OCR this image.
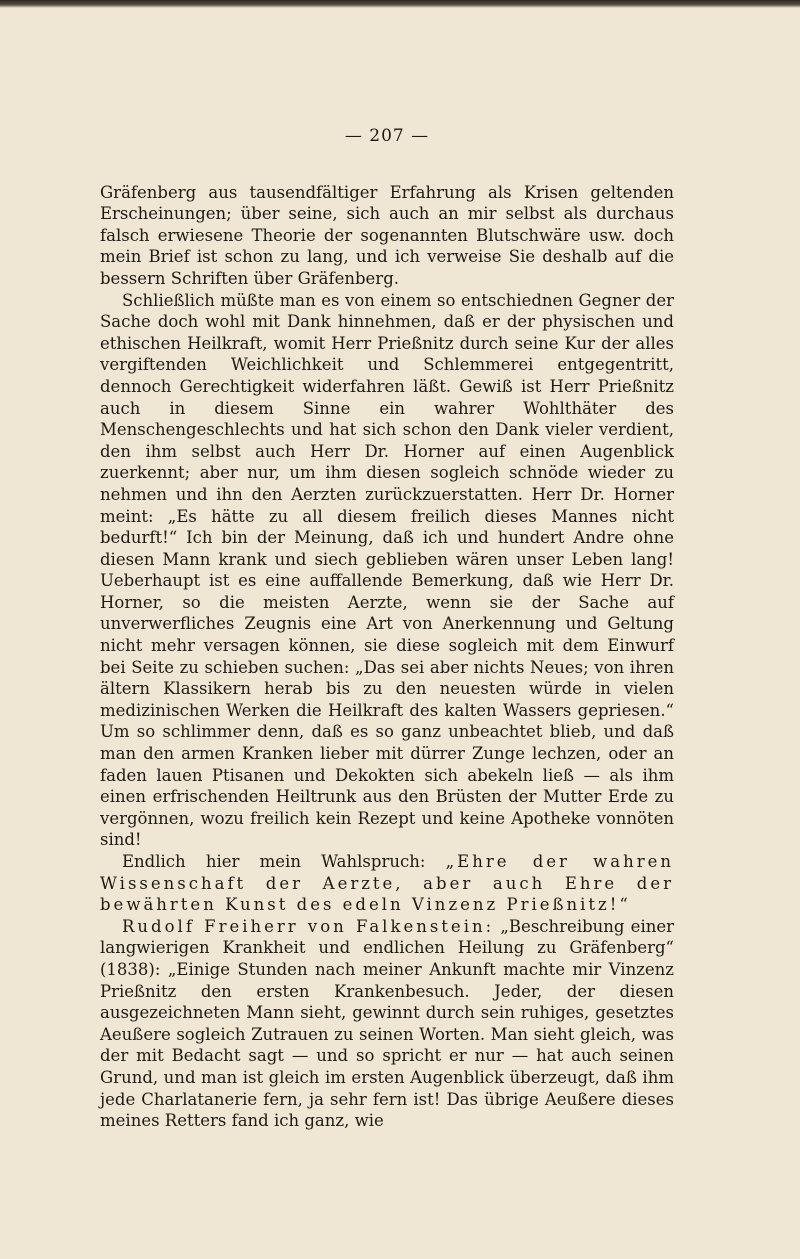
— 207 —

Gräfenberg aus tausendfältiger Erfahrung als Krisen geltenden Erscheinungen; über seine, sich auch an mir selbst als durchaus falsch erwiesene Theorie der sogenannten Blutschwäre usw. doch mein Brief ist schon zu lang, und ich verweise Sie deshalb auf die bessern Schriften über Gräfenberg.

Schließlich müßte man es von einem so entschiednen Gegner der Sache doch wohl mit Dank hinnehmen, daß er der physischen und ethischen Heilkraft, womit Herr Prießnitz durch seine Kur der alles vergiftenden Weichlichkeit und Schlemmerei entgegentritt, dennoch Gerechtigkeit widerfahren läßt. Gewiß ist Herr Prießnitz auch in diesem Sinne ein wahrer Wohlthäter des Menschengeschlechts und hat sich schon den Dank vieler verdient, den ihm selbst auch Herr Dr. Horner auf einen Augenblick zuerkennt; aber nur, um ihm diesen sogleich schnöde wieder zu nehmen und ihn den Aerzten zurückzuerstatten. Herr Dr. Horner meint: „Es hätte zu all diesem freilich dieses Mannes nicht bedurft!“ Ich bin der Meinung, daß ich und hundert Andre ohne diesen Mann krank und siech geblieben wären unser Leben lang! Ueberhaupt ist es eine auffallende Bemerkung, daß wie Herr Dr. Horner, so die meisten Aerzte, wenn sie der Sache auf unverwerfliches Zeugnis eine Art von Anerkennung und Geltung nicht mehr versagen können, sie diese sogleich mit dem Einwurf bei Seite zu schieben suchen: „Das sei aber nichts Neues; von ihren ältern Klassikern herab bis zu den neuesten würde in vielen medizinischen Werken die Heilkraft des kalten Wassers gepriesen.“ Um so schlimmer denn, daß es so ganz unbeachtet blieb, und daß man den armen Kranken lieber mit dürrer Zunge lechzen, oder an faden lauen Ptisanen und Dekokten sich abekeln ließ — als ihm einen erfrischenden Heiltrunk aus den Brüsten der Mutter Erde zu vergönnen, wozu freilich kein Rezept und keine Apotheke vonnöten sind!

Endlich hier mein Wahlspruch: „Ehre der wahren Wissenschaft der Aerzte, aber auch Ehre der bewährten Kunst des edeln Vinzenz Prießnitz!“

Rudolf Freiherr von Falkenstein: „Beschreibung einer langwierigen Krankheit und endlichen Heilung zu Gräfenberg“ (1838): „Einige Stunden nach meiner Ankunft machte mir Vinzenz Prießnitz den ersten Krankenbesuch. Jeder, der diesen ausgezeichneten Mann sieht, gewinnt durch sein ruhiges, gesetztes Aeußere sogleich Zutrauen zu seinen Worten. Man sieht gleich, was der mit Bedacht sagt — und so spricht er nur — hat auch seinen Grund, und man ist gleich im ersten Augenblick überzeugt, daß ihm jede Charlatanerie fern, ja sehr fern ist! Das übrige Aeußere dieses meines Retters fand ich ganz, wie
